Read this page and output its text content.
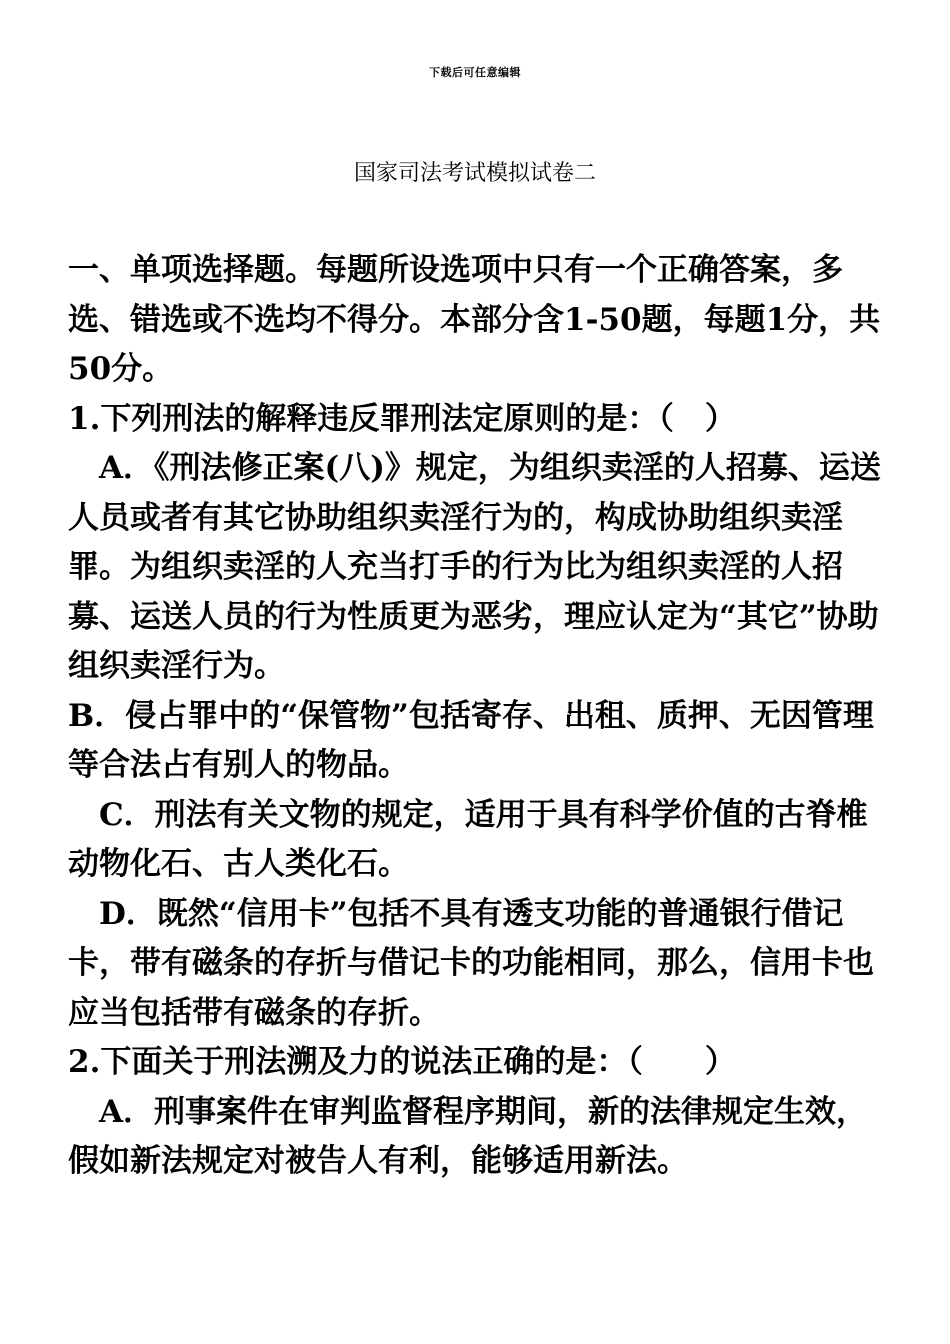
下载后可任意编辑
国家司法考试模拟试卷二

一、单项选择题。每题所设选项中只有一个正确答案，多选、错选或不选均不得分。本部分含1-50题，每题1分，共50分。

1.下列刑法的解释违反罪刑法定原则的是：（　）

A．《刑法修正案(八)》规定，为组织卖淫的人招募、运送人员或者有其它协助组织卖淫行为的，构成协助组织卖淫罪。为组织卖淫的人充当打手的行为比为组织卖淫的人招募、运送人员的行为性质更为恶劣，理应认定为“其它”协助组织卖淫行为。

B．侵占罪中的“保管物”包括寄存、出租、质押、无因管理等合法占有别人的物品。

C．刑法有关文物的规定，适用于具有科学价值的古脊椎动物化石、古人类化石。

D．既然“信用卡”包括不具有透支功能的普通银行借记卡，带有磁条的存折与借记卡的功能相同，那么，信用卡也应当包括带有磁条的存折。

2.下面关于刑法溯及力的说法正确的是：（　　）

A．刑事案件在审判监督程序期间，新的法律规定生效，假如新法规定对被告人有利，能够适用新法。
